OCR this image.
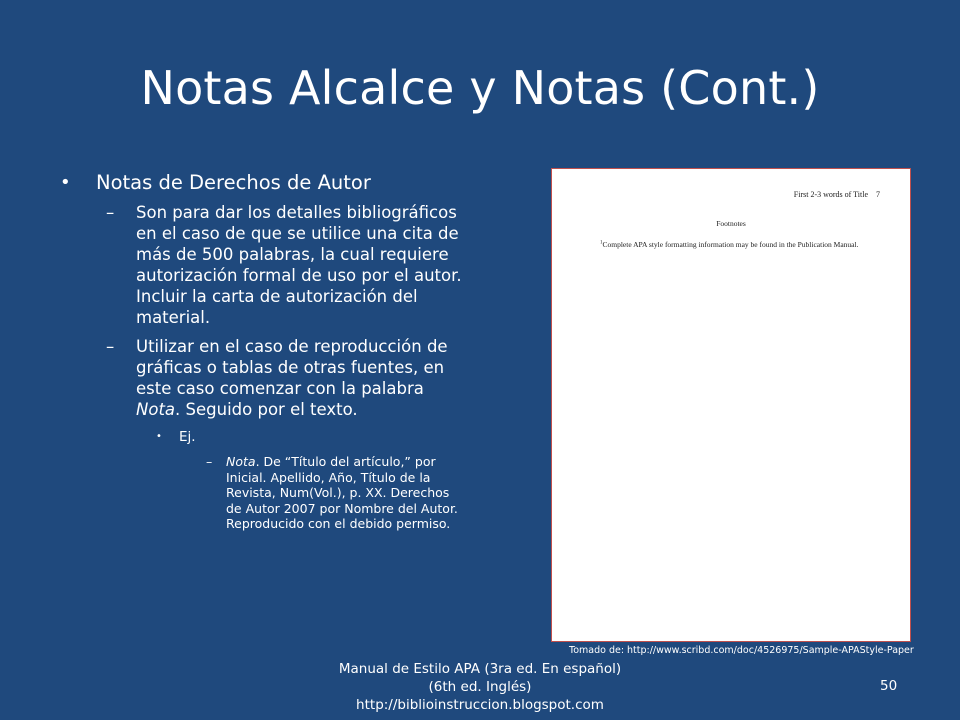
Notas Alcalce y Notas (Cont.)
• Notas de Derechos de Autor
– Son para dar los detalles bibliográficos en el caso de que se utilice una cita de más de 500 palabras, la cual requiere autorización formal de uso por el autor. Incluir la carta de autorización del material.
– Utilizar en el caso de reproducción de gráficas o tablas de otras fuentes, en este caso comenzar con la palabra      Nota. Seguido por el texto.
• Ej.
– Nota. De “Título del artículo,” por Inicial. Apellido, Año, Título de la Revista, Num(Vol.), p. XX. Derechos de Autor 2007 por Nombre del Autor. Reproducido con el debido permiso.
First 2-3 words of Title 7
Footnotes
$^1$Complete APA style formatting information may be found in the Publication Manual.
Tomado de: http://www.scribd.com/doc/4526975/Sample-APAStyle-Paper
Manual de Estilo APA (3ra ed. En español)
(6th ed. Inglés)
http://biblioinstruccion.blogspot.com
50
